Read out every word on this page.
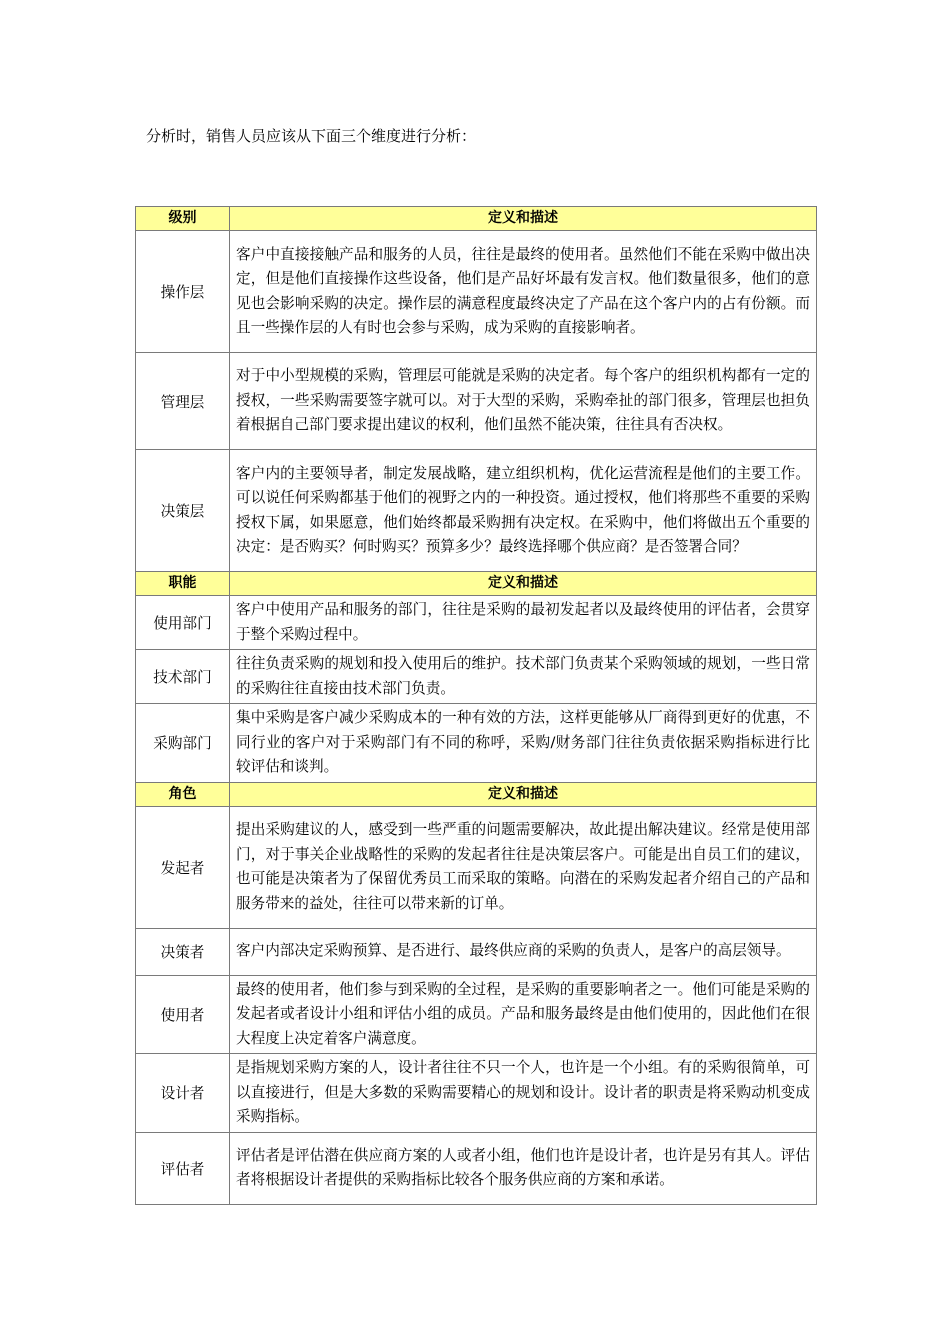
分析时，销售人员应该从下面三个维度进行分析：

级别	定义和描述
操作层	客户中直接接触产品和服务的人员，往往是最终的使用者。虽然他们不能在采购中做出决定，但是他们直接操作这些设备，他们是产品好坏最有发言权。他们数量很多，他们的意见也会影响采购的决定。操作层的满意程度最终决定了产品在这个客户内的占有份额。而且一些操作层的人有时也会参与采购，成为采购的直接影响者。
管理层	对于中小型规模的采购，管理层可能就是采购的决定者。每个客户的组织机构都有一定的授权，一些采购需要签字就可以。对于大型的采购，采购牵扯的部门很多，管理层也担负着根据自己部门要求提出建议的权利，他们虽然不能决策，往往具有否决权。
决策层	客户内的主要领导者，制定发展战略，建立组织机构，优化运营流程是他们的主要工作。可以说任何采购都基于他们的视野之内的一种投资。通过授权，他们将那些不重要的采购授权下属，如果愿意，他们始终都最采购拥有决定权。在采购中，他们将做出五个重要的决定：是否购买？何时购买？预算多少？最终选择哪个供应商？是否签署合同？
职能	定义和描述
使用部门	客户中使用产品和服务的部门，往往是采购的最初发起者以及最终使用的评估者，会贯穿于整个采购过程中。
技术部门	往往负责采购的规划和投入使用后的维护。技术部门负责某个采购领域的规划，一些日常的采购往往直接由技术部门负责。
采购部门	集中采购是客户减少采购成本的一种有效的方法，这样更能够从厂商得到更好的优惠，不同行业的客户对于采购部门有不同的称呼，采购/财务部门往往负责依据采购指标进行比较评估和谈判。
角色	定义和描述
发起者	提出采购建议的人，感受到一些严重的问题需要解决，故此提出解决建议。经常是使用部门，对于事关企业战略性的采购的发起者往往是决策层客户。可能是出自员工们的建议，也可能是决策者为了保留优秀员工而采取的策略。向潜在的采购发起者介绍自己的产品和服务带来的益处，往往可以带来新的订单。
决策者	客户内部决定采购预算、是否进行、最终供应商的采购的负责人，是客户的高层领导。
使用者	最终的使用者，他们参与到采购的全过程，是采购的重要影响者之一。他们可能是采购的发起者或者设计小组和评估小组的成员。产品和服务最终是由他们使用的，因此他们在很大程度上决定着客户满意度。
设计者	是指规划采购方案的人，设计者往往不只一个人，也许是一个小组。有的采购很简单，可以直接进行，但是大多数的采购需要精心的规划和设计。设计者的职责是将采购动机变成采购指标。
评估者	评估者是评估潜在供应商方案的人或者小组，他们也许是设计者，也许是另有其人。评估者将根据设计者提供的采购指标比较各个服务供应商的方案和承诺。
